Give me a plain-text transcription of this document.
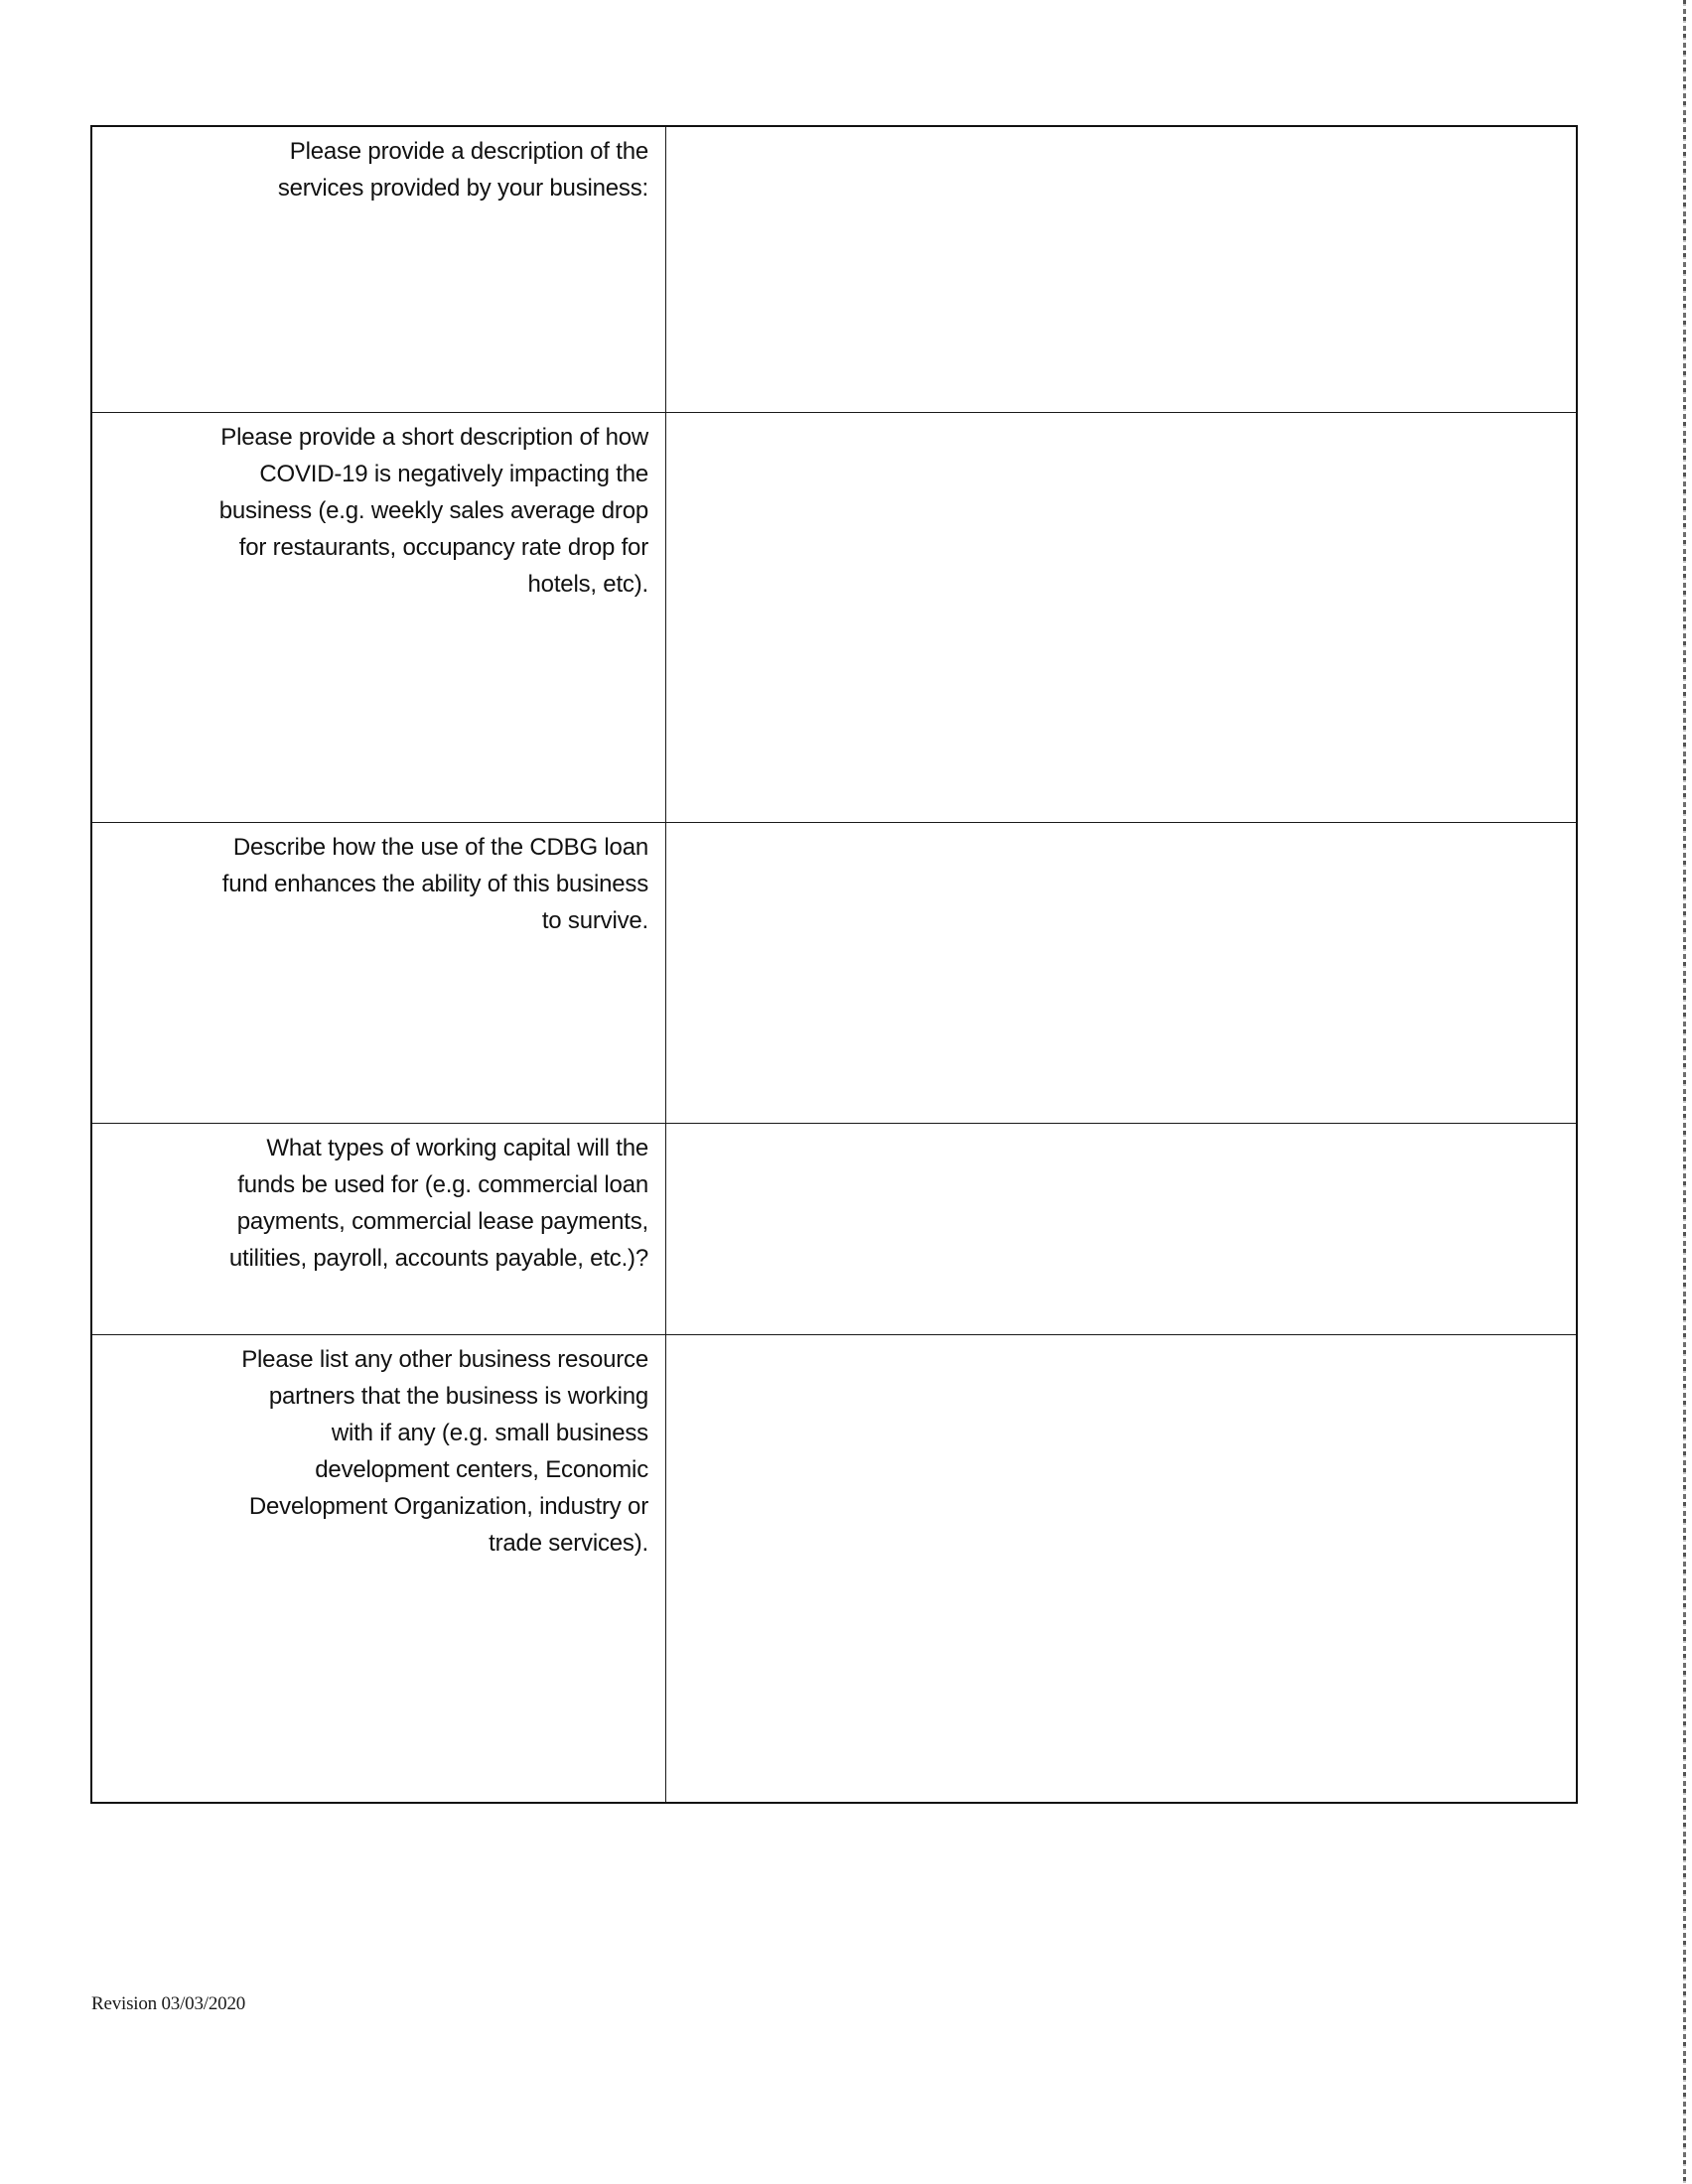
Please provide a description of the
services provided by your business:

Please provide a short description of how
COVID-19 is negatively impacting the
business (e.g. weekly sales average drop
for restaurants, occupancy rate drop for
hotels, etc).

Describe how the use of the CDBG loan
fund enhances the ability of this business
to survive.

What types of working capital will the
funds be used for (e.g. commercial loan
payments, commercial lease payments,
utilities, payroll, accounts payable, etc.)?

Please list any other business resource
partners that the business is working
with if any (e.g. small business
development centers, Economic
Development Organization, industry or
trade services).

Revision 03/03/2020
